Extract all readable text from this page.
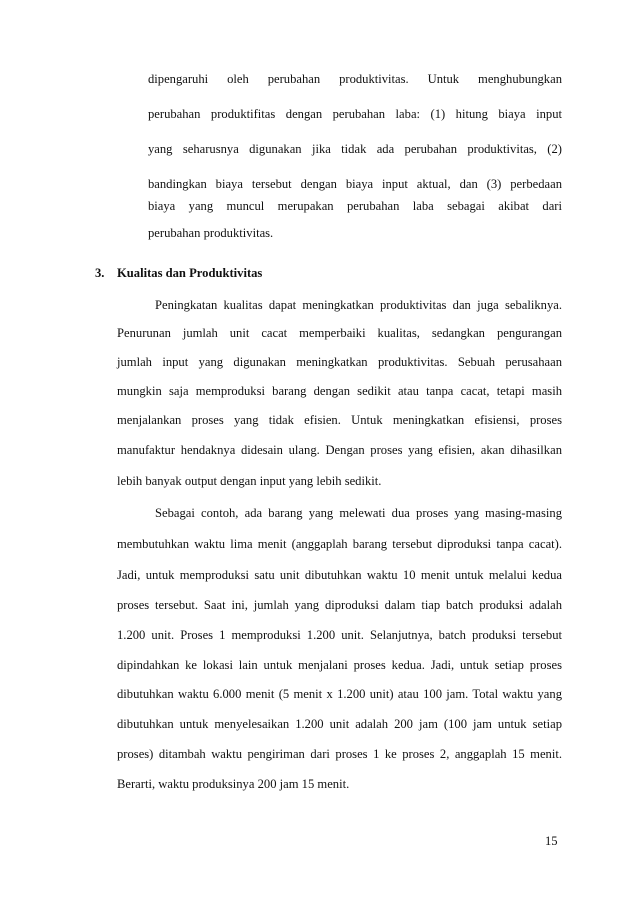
dipengaruhi oleh perubahan produktivitas. Untuk menghubungkan
perubahan produktifitas dengan perubahan laba: (1) hitung biaya input
yang seharusnya digunakan jika tidak ada perubahan produktivitas, (2)
bandingkan biaya tersebut dengan biaya input aktual, dan (3) perbedaan
biaya yang muncul merupakan perubahan laba sebagai akibat dari
perubahan produktivitas.
3. Kualitas dan Produktivitas
Peningkatan kualitas dapat meningkatkan produktivitas dan juga sebaliknya.
Penurunan jumlah unit cacat memperbaiki kualitas, sedangkan pengurangan
jumlah input yang digunakan meningkatkan produktivitas. Sebuah perusahaan
mungkin saja memproduksi barang dengan sedikit atau tanpa cacat, tetapi masih
menjalankan proses yang tidak efisien. Untuk meningkatkan efisiensi, proses
manufaktur hendaknya didesain ulang. Dengan proses yang efisien, akan dihasilkan
lebih banyak output dengan input yang lebih sedikit.
Sebagai contoh, ada barang yang melewati dua proses yang masing-masing
membutuhkan waktu lima menit (anggaplah barang tersebut diproduksi tanpa cacat).
Jadi, untuk memproduksi satu unit dibutuhkan waktu 10 menit untuk melalui kedua
proses tersebut. Saat ini, jumlah yang diproduksi dalam tiap batch produksi adalah
1.200 unit. Proses 1 memproduksi 1.200 unit. Selanjutnya, batch produksi tersebut
dipindahkan ke lokasi lain untuk menjalani proses kedua. Jadi, untuk setiap proses
dibutuhkan waktu 6.000 menit (5 menit x 1.200 unit) atau 100 jam. Total waktu yang
dibutuhkan untuk menyelesaikan 1.200 unit adalah 200 jam (100 jam untuk setiap
proses) ditambah waktu pengiriman dari proses 1 ke proses 2, anggaplah 15 menit.
Berarti, waktu produksinya 200 jam 15 menit.
15
